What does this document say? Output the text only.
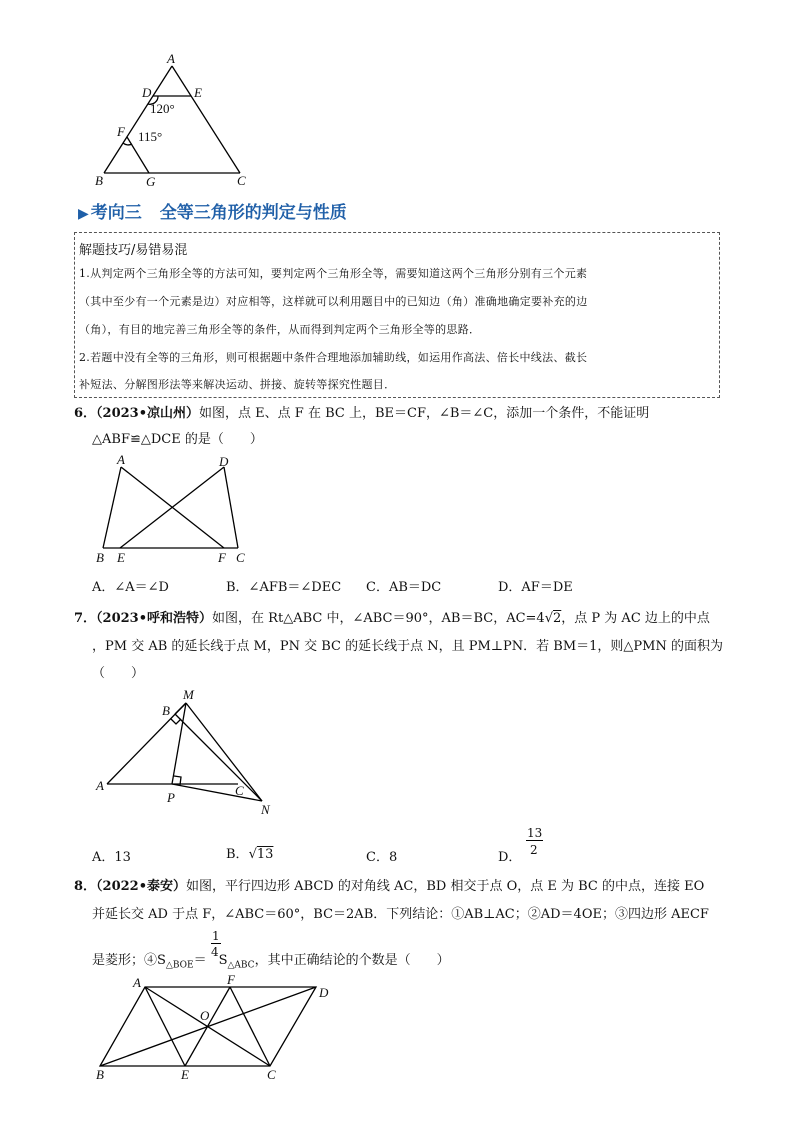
A
D	E
120°
F 115°
B	G	C
▶ 考向三 全等三角形的判定与性质
解题技巧/易错易混
1.从判定两个三角形全等的方法可知，要判定两个三角形全等，需要知道这两个三角形分别有三个元素
（其中至少有一个元素是边）对应相等，这样就可以利用题目中的已知边（角）准确地确定要补充的边
（角），有目的地完善三角形全等的条件，从而得到判定两个三角形全等的思路．
2.若题中没有全等的三角形，则可根据题中条件合理地添加辅助线，如运用作高法、倍长中线法、截长
补短法、分解图形法等来解决运动、拼接、旋转等探究性题目．
6．（2023•凉山州）如图，点 E、点 F 在 BC 上，BE＝CF，∠B＝∠C，添加一个条件，不能证明
△ABF≌△DCE 的是（　　）
A	D
B E	F C
A．∠A＝∠D	B．∠AFB＝∠DEC C．AB＝DC	D．AF＝DE
7．（2023•呼和浩特）如图，在 Rt△ABC 中，∠ABC＝90°，AB＝BC，AC=4√2，点 P 为 AC 边上的中点
，PM 交 AB 的延长线于点 M，PN 交 BC 的延长线于点 N，且 PM⊥PN．若 BM＝1，则△PMN 的面积为
（　　）
M
B
A
P	C
N
A．13	B．√13	C．8	D．
13
2
8．（2022•泰安）如图，平行四边形 ABCD 的对角线 AC，BD 相交于点 O，点 E 为 BC 的中点，连接 EO
并延长交 AD 于点 F，∠ABC＝60°，BC＝2AB．下列结论：①AB⊥AC；②AD＝4OE；③四边形 AECF
是菱形；$④S_{\triangle BOE}= S_{\triangle ABC}$，其中正确结论的个数是（　　）
1
4
A	F
D
O
B	E	C
